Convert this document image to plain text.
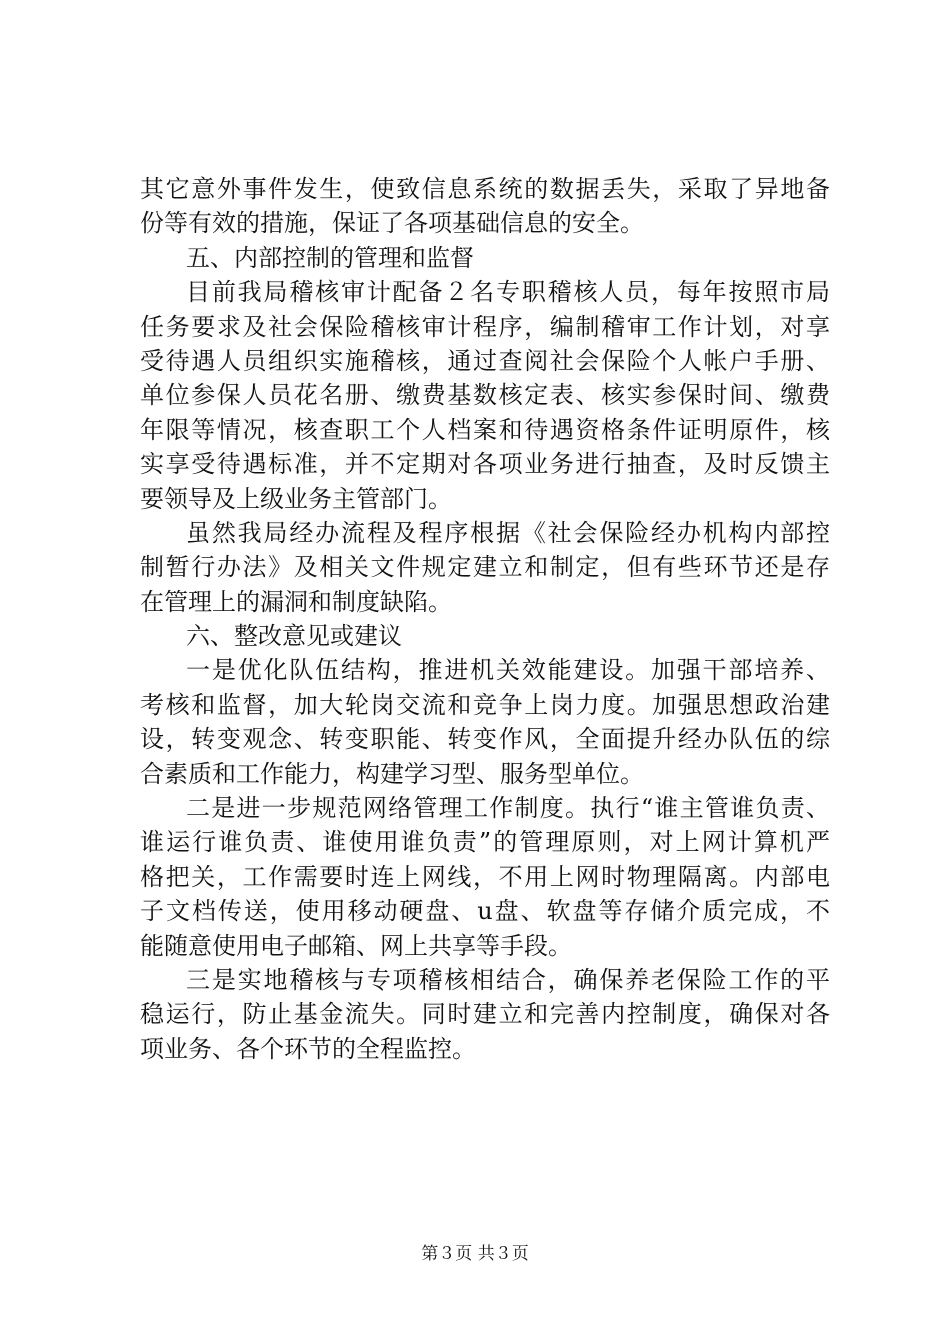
其它意外事件发生，使致信息系统的数据丢失，采取了异地备
份等有效的措施，保证了各项基础信息的安全。
五、内部控制的管理和监督
目前我局稽核审计配备２名专职稽核人员，每年按照市局
任务要求及社会保险稽核审计程序，编制稽审工作计划，对享
受待遇人员组织实施稽核，通过查阅社会保险个人帐户手册、
单位参保人员花名册、缴费基数核定表、核实参保时间、缴费
年限等情况，核查职工个人档案和待遇资格条件证明原件，核
实享受待遇标准，并不定期对各项业务进行抽查，及时反馈主
要领导及上级业务主管部门。
虽然我局经办流程及程序根据《社会保险经办机构内部控
制暂行办法》及相关文件规定建立和制定，但有些环节还是存
在管理上的漏洞和制度缺陷。
六、整改意见或建议
一是优化队伍结构，推进机关效能建设。加强干部培养、
考核和监督，加大轮岗交流和竞争上岗力度。加强思想政治建
设，转变观念、转变职能、转变作风，全面提升经办队伍的综
合素质和工作能力，构建学习型、服务型单位。
二是进一步规范网络管理工作制度。执行“谁主管谁负责、
谁运行谁负责、谁使用谁负责”的管理原则，对上网计算机严
格把关，工作需要时连上网线，不用上网时物理隔离。内部电
子文档传送，使用移动硬盘、u盘、软盘等存储介质完成，不
能随意使用电子邮箱、网上共享等手段。
三是实地稽核与专项稽核相结合，确保养老保险工作的平
稳运行，防止基金流失。同时建立和完善内控制度，确保对各
项业务、各个环节的全程监控。
第３页 共３页
